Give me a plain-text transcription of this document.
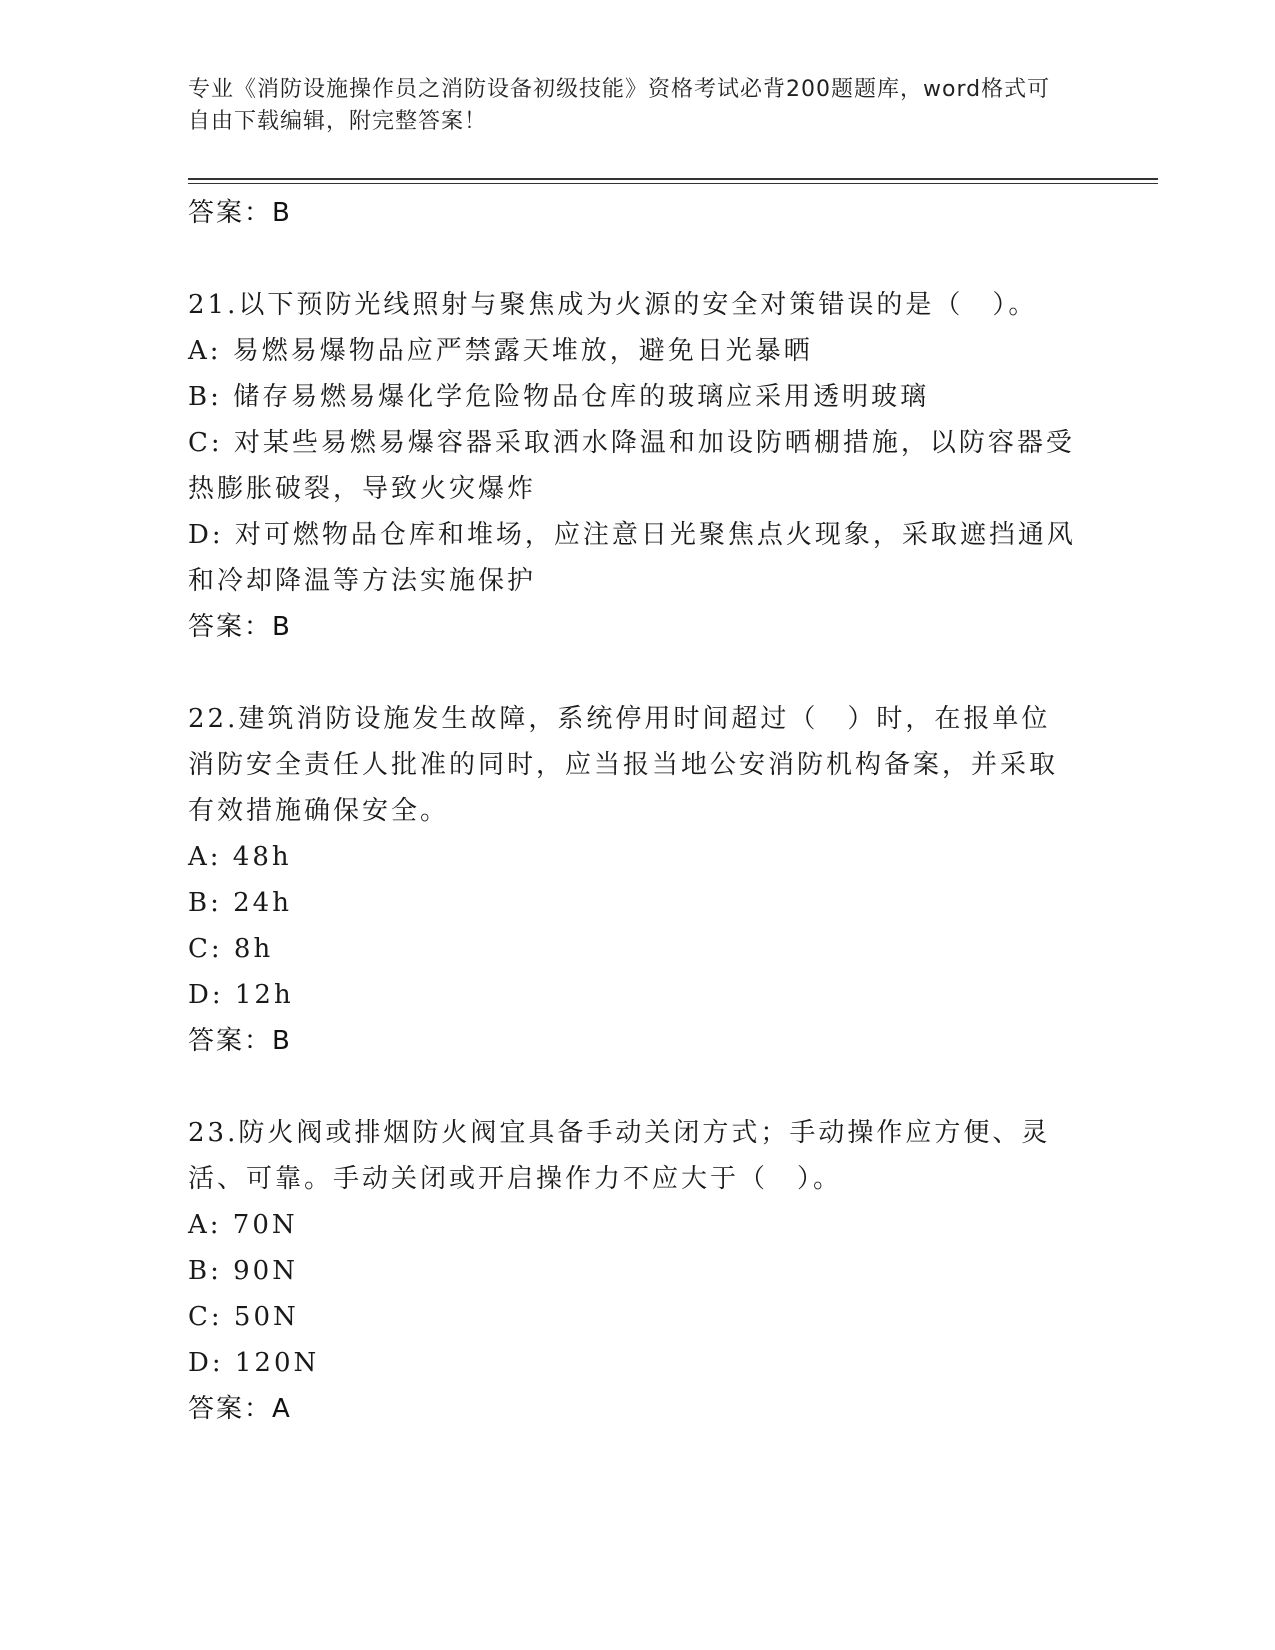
专业《消防设施操作员之消防设备初级技能》资格考试必背200题题库，word格式可自由下载编辑，附完整答案！
答案：B

21.以下预防光线照射与聚焦成为火源的安全对策错误的是（　）。

A: 易燃易爆物品应严禁露天堆放，避免日光暴晒

B: 储存易燃易爆化学危险物品仓库的玻璃应采用透明玻璃

C: 对某些易燃易爆容器采取洒水降温和加设防晒棚措施，以防容器受热膨胀破裂，导致火灾爆炸

D: 对可燃物品仓库和堆场，应注意日光聚焦点火现象，采取遮挡通风和冷却降温等方法实施保护

答案：B

22.建筑消防设施发生故障，系统停用时间超过（　）时，在报单位消防安全责任人批准的同时，应当报当地公安消防机构备案，并采取有效措施确保安全。

A: 48h

B: 24h

C: 8h

D: 12h

答案：B

23.防火阀或排烟防火阀宜具备手动关闭方式；手动操作应方便、灵活、可靠。手动关闭或开启操作力不应大于（　）。

A: 70N

B: 90N

C: 50N

D: 120N

答案：A
